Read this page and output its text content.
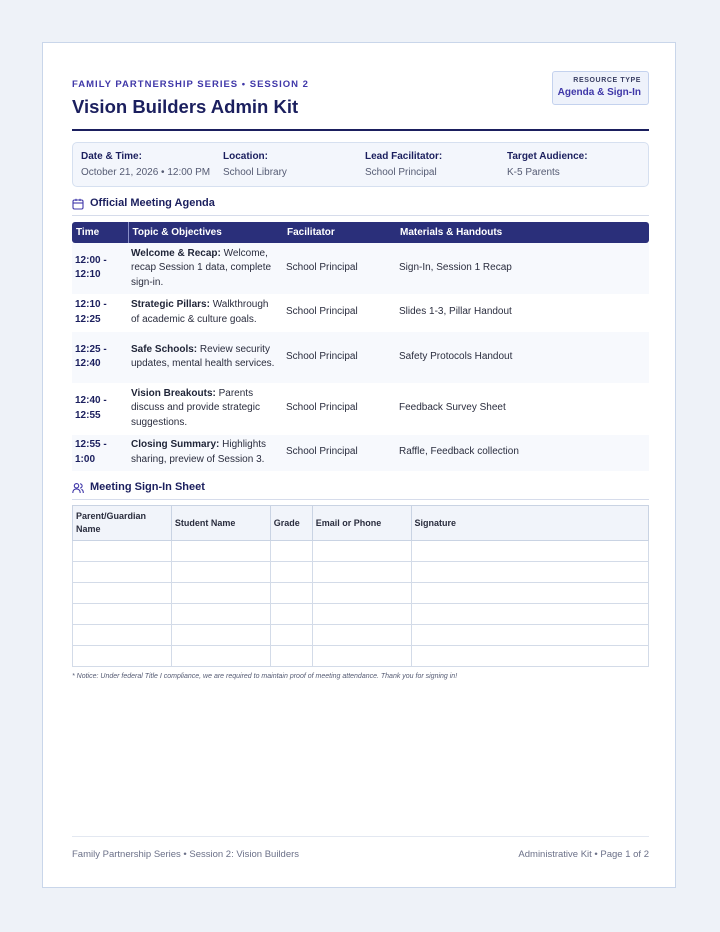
FAMILY PARTNERSHIP SERIES • SESSION 2
Vision Builders Admin Kit
RESOURCE TYPE
Agenda & Sign-In
Date & Time:
October 21, 2026 • 12:00 PM
Location:
School Library
Lead Facilitator:
School Principal
Target Audience:
K-5 Parents
Official Meeting Agenda
Time	Topic & Objectives	Facilitator	Materials & Handouts
12:00 - 12:10	Welcome & Recap: Welcome, recap Session 1 data, complete sign-in.	School Principal	Sign-In, Session 1 Recap
12:10 - 12:25	Strategic Pillars: Walkthrough of academic & culture goals.	School Principal	Slides 1-3, Pillar Handout
12:25 - 12:40	Safe Schools: Review security updates, mental health services.	School Principal	Safety Protocols Handout
12:40 - 12:55	Vision Breakouts: Parents discuss and provide strategic suggestions.	School Principal	Feedback Survey Sheet
12:55 - 1:00	Closing Summary: Highlights sharing, preview of Session 3.	School Principal	Raffle, Feedback collection
Meeting Sign-In Sheet
Parent/Guardian Name	Student Name	Grade	Email or Phone	Signature

* Notice: Under federal Title I compliance, we are required to maintain proof of meeting attendance. Thank you for signing in!
Family Partnership Series • Session 2: Vision Builders	Administrative Kit • Page 1 of 2
